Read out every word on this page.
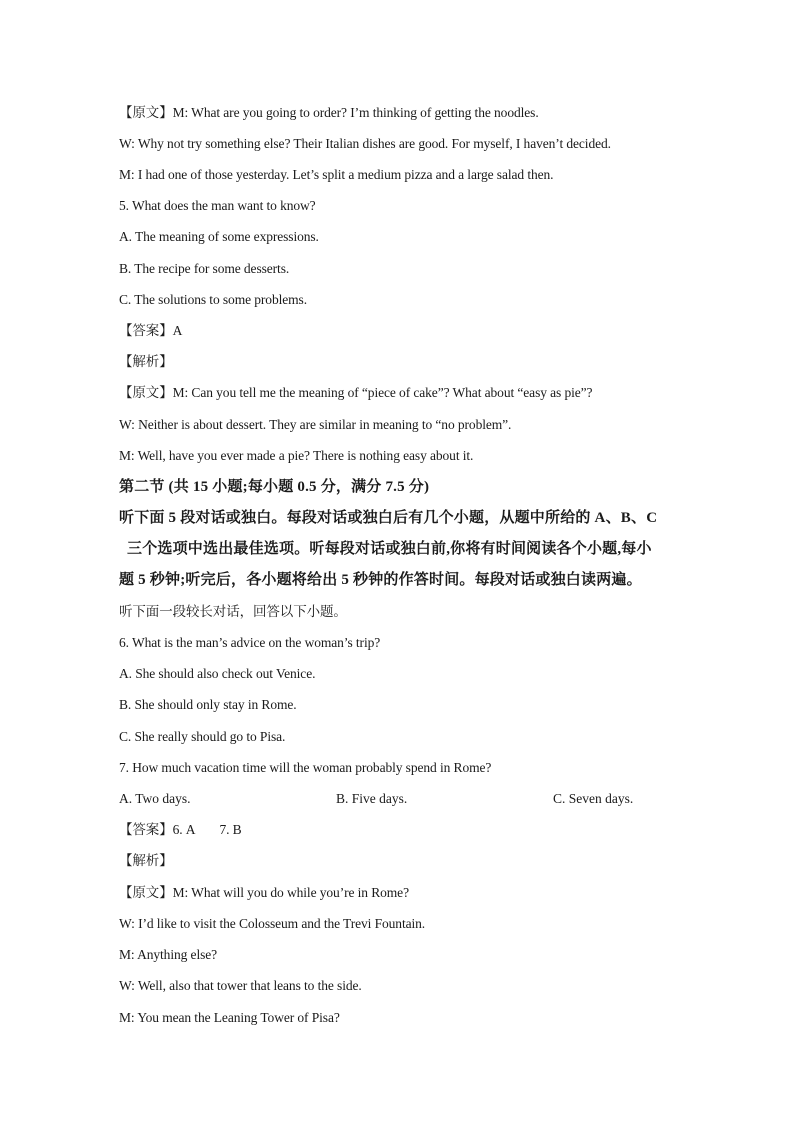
【原文】M: What are you going to order? I’m thinking of getting the noodles.
W: Why not try something else? Their Italian dishes are good. For myself, I haven’t decided.
M: I had one of those yesterday. Let’s split a medium pizza and a large salad then.
5. What does the man want to know?
A. The meaning of some expressions.
B. The recipe for some desserts.
C. The solutions to some problems.
【答案】A
【解析】
【原文】M: Can you tell me the meaning of “piece of cake”? What about “easy as pie”?
W: Neither is about dessert. They are similar in meaning to “no problem”.
M: Well, have you ever made a pie? There is nothing easy about it.
第二节 (共 15 小题;每小题 0.5 分，满分 7.5 分)
听下面 5 段对话或独白。每段对话或独白后有几个小题，从题中所给的 A、B、C
三个选项中选出最佳选项。听每段对话或独白前,你将有时间阅读各个小题,每小
题 5 秒钟;听完后，各小题将给出 5 秒钟的作答时间。每段对话或独白读两遍。
听下面一段较长对话，回答以下小题。
6. What is the man’s advice on the woman’s trip?
A. She should also check out Venice.
B. She should only stay in Rome.
C. She really should go to Pisa.
7. How much vacation time will the woman probably spend in Rome?
A. Two days.	B. Five days.	C. Seven days.
【答案】6. A 7. B
【解析】
【原文】M: What will you do while you’re in Rome?
W: I’d like to visit the Colosseum and the Trevi Fountain.
M: Anything else?
W: Well, also that tower that leans to the side.
M: You mean the Leaning Tower of Pisa?
